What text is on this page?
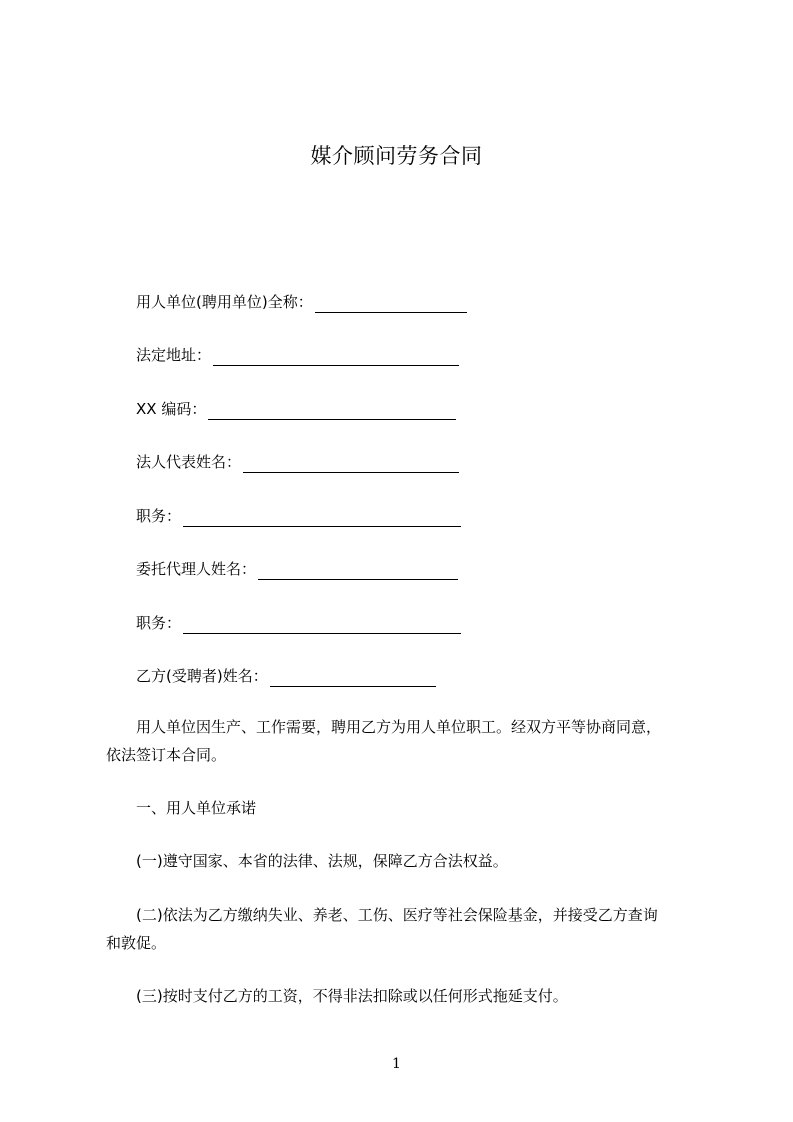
媒介顾问劳务合同
用人单位(聘用单位)全称：
法定地址：
XX 编码：
法人代表姓名：
职务：
委托代理人姓名：
职务：
乙方(受聘者)姓名：
用人单位因生产、工作需要，聘用乙方为用人单位职工。经双方平等协商同意，
依法签订本合同。
一、用人单位承诺
(一)遵守国家、本省的法律、法规，保障乙方合法权益。
(二)依法为乙方缴纳失业、养老、工伤、医疗等社会保险基金，并接受乙方查询
和敦促。
(三)按时支付乙方的工资，不得非法扣除或以任何形式拖延支付。
1
